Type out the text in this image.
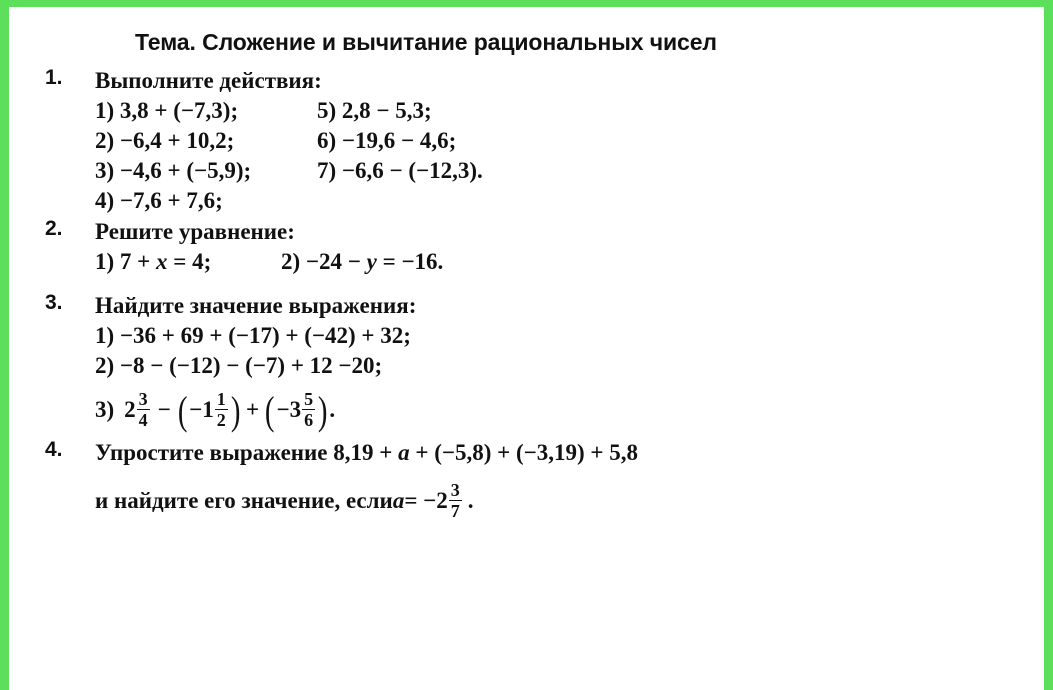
Тема. Сложение и вычитание рациональных чисел
1.	Выполните действия:
1) 3,8 + (−7,3);
2) −6,4 + 10,2;
3) −4,6 + (−5,9);
4) −7,6 + 7,6;
5) 2,8 − 5,3;
6) −19,6 − 4,6;
7) −6,6 − (−12,3).
2.	Решите уравнение:
1) 7 + x = 4;	2) −24 − y = −16.
3.	Найдите значение выражения:
1) −36 + 69 + (−17) + (−42) + 32;
2) −8 − (−12) − (−7) + 12 −20;
3) $2 \frac{3}{4}$ − ( $-1 \frac{1}{2}$ ) + ( $-3 \frac{5}{6}$ ) .
4.	Упростите выражение 8,19 + a + (−5,8) + (−3,19) + 5,8
и найдите его значение, если $a = -2 \frac{3}{7}$ .
